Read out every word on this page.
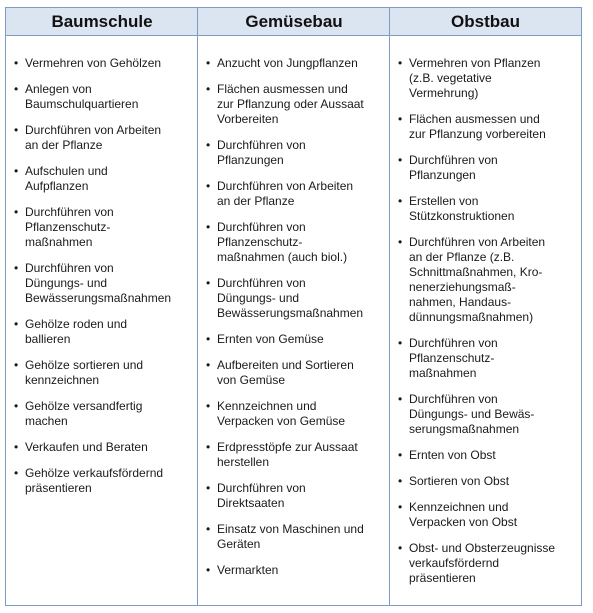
Baumschule	Gemüsebau	Obstbau
• Vermehren von Gehölzen
• Anlegen von
Baumschulquartieren
• Durchführen von Arbeiten
an der Pflanze
• Aufschulen und
Aufpflanzen
• Durchführen von
Pflanzenschutz-
maßnahmen
• Durchführen von
Düngungs- und
Bewässerungsmaßnahmen
• Gehölze roden und
ballieren
• Gehölze sortieren und
kennzeichnen
• Gehölze versandfertig
machen
• Verkaufen und Beraten
• Gehölze verkaufsfördernd
präsentieren
• Anzucht von Jungpflanzen
• Flächen ausmessen und
zur Pflanzung oder Aussaat
Vorbereiten
• Durchführen von
Pflanzungen
• Durchführen von Arbeiten
an der Pflanze
• Durchführen von
Pflanzenschutz-
maßnahmen (auch biol.)
• Durchführen von
Düngungs- und
Bewässerungsmaßnahmen
• Ernten von Gemüse
• Aufbereiten und Sortieren
von Gemüse
• Kennzeichnen und
Verpacken von Gemüse
• Erdpresstöpfe zur Aussaat
herstellen
• Durchführen von
Direktsaaten
• Einsatz von Maschinen und
Geräten
• Vermarkten
• Vermehren von Pflanzen
(z.B. vegetative
Vermehrung)
• Flächen ausmessen und
zur Pflanzung vorbereiten
• Durchführen von
Pflanzungen
• Erstellen von
Stützkonstruktionen
• Durchführen von Arbeiten
an der Pflanze (z.B.
Schnittmaßnahmen, Kro-
nenerziehungsmaß-
nahmen, Handaus-
dünnungsmaßnahmen)
• Durchführen von
Pflanzenschutz-
maßnahmen
• Durchführen von
Düngungs- und Bewäs-
serungsmaßnahmen
• Ernten von Obst
• Sortieren von Obst
• Kennzeichnen und
Verpacken von Obst
• Obst- und Obsterzeugnisse
verkaufsfördernd
präsentieren
